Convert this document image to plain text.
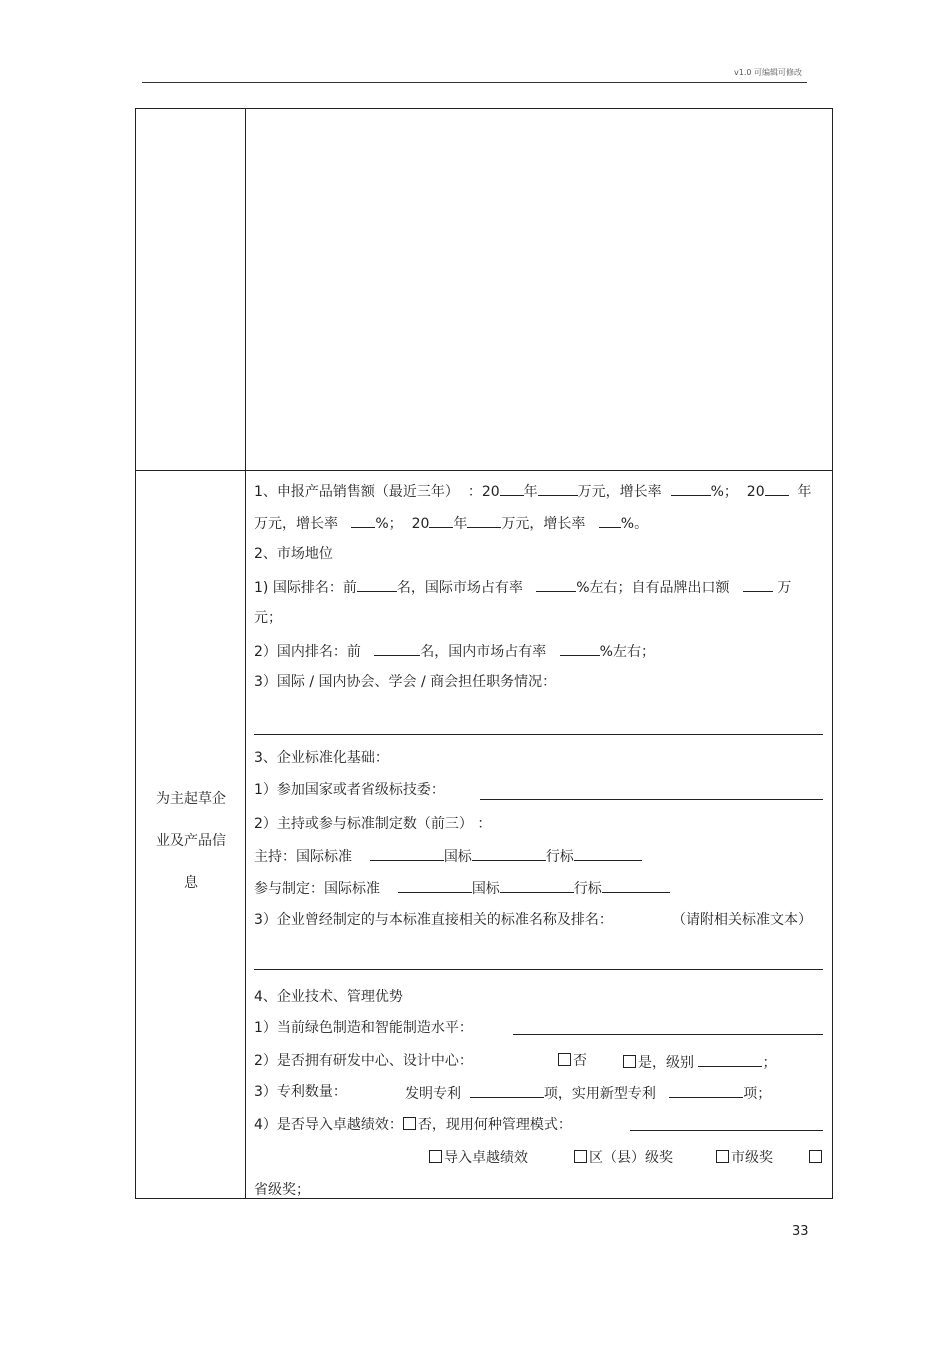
v1.0 可编辑可修改
为主起草企
业及产品信
息
1、申报产品销售额（最近三年） ：20 年	万元，增长率	%； 20 年
万元，增长率	%； 20 年 万元，增长率	%。
2、市场地位
1) 国际排名：前	名，国际市场占有率	%左右；自有品牌出口额	万
元；
2）国内排名：前	名，国内市场占有率	%左右；
3）国际 / 国内协会、学会 / 商会担任职务情况：
3、企业标准化基础：
1）参加国家或者省级标技委：
2）主持或参与标准制定数（前三） ：
主持：国际标准	国标	行标
参与制定：国际标准	国标	行标
3）企业曾经制定的与本标准直接相关的标准名称及排名：	（请附相关标准文本）
4、企业技术、管理优势
1）当前绿色制造和智能制造水平：
2）是否拥有研发中心、设计中心：	否	是，级别	；
3）专利数量：	发明专利	项，实用新型专利	项；
4）是否导入卓越绩效： 否，现用何种管理模式：
导入卓越绩效	区（县）级奖	市级奖
省级奖；
33
